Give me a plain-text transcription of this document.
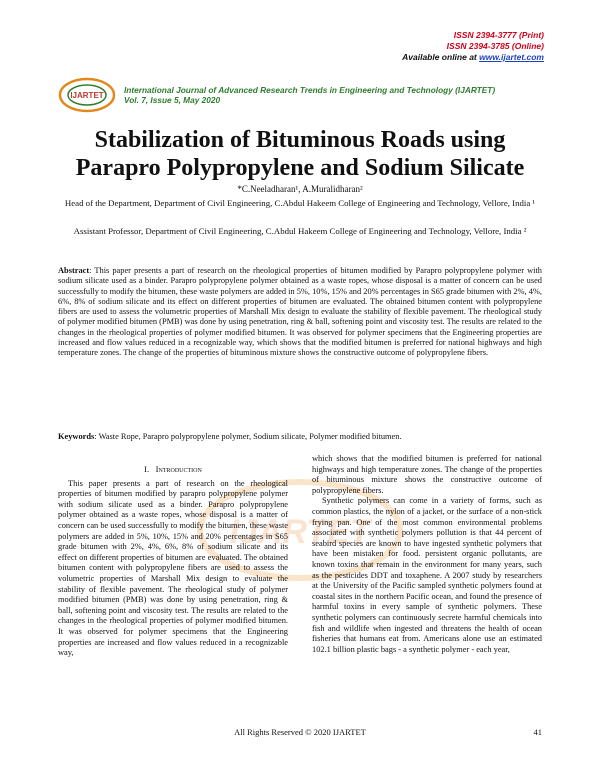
ISSN 2394-3777 (Print)
ISSN 2394-3785 (Online)
Available online at www.ijartet.com
IJARTET
International Journal of Advanced Research Trends in Engineering and Technology (IJARTET)
Vol. 7, Issue 5, May 2020
Stabilization of Bituminous Roads using
Parapro Polypropylene and Sodium Silicate
*C.Neeladharan¹, A.Muralidharan²
Head of the Department, Department of Civil Engineering, C.Abdul Hakeem College of Engineering and Technology, Vellore, India ¹
Assistant Professor, Department of Civil Engineering, C.Abdul Hakeem College of Engineering and Technology, Vellore, India ²
Abstract: This paper presents a part of research on the rheological properties of bitumen modified by Parapro polypropylene polymer with sodium silicate used as a binder. Parapro polypropylene polymer obtained as a waste ropes, whose disposal is a matter of concern can be used successfully to modify the bitumen, these waste polymers are added in 5%, 10%, 15% and 20% percentages in S65 grade bitumen with 2%, 4%, 6%, 8% of sodium silicate and its effect on different properties of bitumen are evaluated. The obtained bitumen content with polypropylene fibers are used to assess the volumetric properties of Marshall Mix design to evaluate the stability of flexible pavement. The rheological study of polymer modified bitumen (PMB) was done by using penetration, ring & ball, softening point and viscosity test. The results are related to the changes in the rheological properties of polymer modified bitumen. It was observed for polymer specimens that the Engineering properties are increased and flow values reduced in a recognizable way, which shows that the modified bitumen is preferred for national highways and high temperature zones. The change of the properties of bituminous mixture shows the constructive outcome of polypropylene fibers.
Keywords: Waste Rope, Parapro polypropylene polymer, Sodium silicate, Polymer modified bitumen.
IJARTET
I. Introduction

This paper presents a part of research on the rheological properties of bitumen modified by parapro polypropylene polymer with sodium silicate used as a binder. Parapro polypropylene polymer obtained as a waste ropes, whose disposal is a matter of concern can be used successfully to modify the bitumen, these waste polymers are added in 5%, 10%, 15% and 20% percentages in S65 grade bitumen with 2%, 4%, 6%, 8% of sodium silicate and its effect on different properties of bitumen are evaluated. The obtained bitumen content with polypropylene fibers are used to assess the volumetric properties of Marshall Mix design to evaluate the stability of flexible pavement. The rheological study of polymer modified bitumen (PMB) was done by using penetration, ring & ball, softening point and viscosity test. The results are related to the changes in the rheological properties of polymer modified bitumen. It was observed for polymer specimens that the Engineering properties are increased and flow values reduced in a recognizable way,

which shows that the modified bitumen is preferred for national highways and high temperature zones. The change of the properties of bituminous mixture shows the constructive outcome of polypropylene fibers.

Synthetic polymers can come in a variety of forms, such as common plastics, the nylon of a jacket, or the surface of a non-stick frying pan. One of the most common environmental problems associated with synthetic polymers pollution is that 44 percent of seabird species are known to have ingested synthetic polymers that have been mistaken for food. persistent organic pollutants, are known toxins that remain in the environment for many years, such as the pesticides DDT and toxaphene. A 2007 study by researchers at the University of the Pacific sampled synthetic polymers found at coastal sites in the northern Pacific ocean, and found the presence of harmful toxins in every sample of synthetic polymers. These synthetic polymers can continuously secrete harmful chemicals into fish and wildlife when ingested and threatens the health of ocean fisheries that humans eat from. Americans alone use an estimated 102.1 billion plastic bags - a synthetic polymer - each year,

All Rights Reserved © 2020 IJARTET	41
